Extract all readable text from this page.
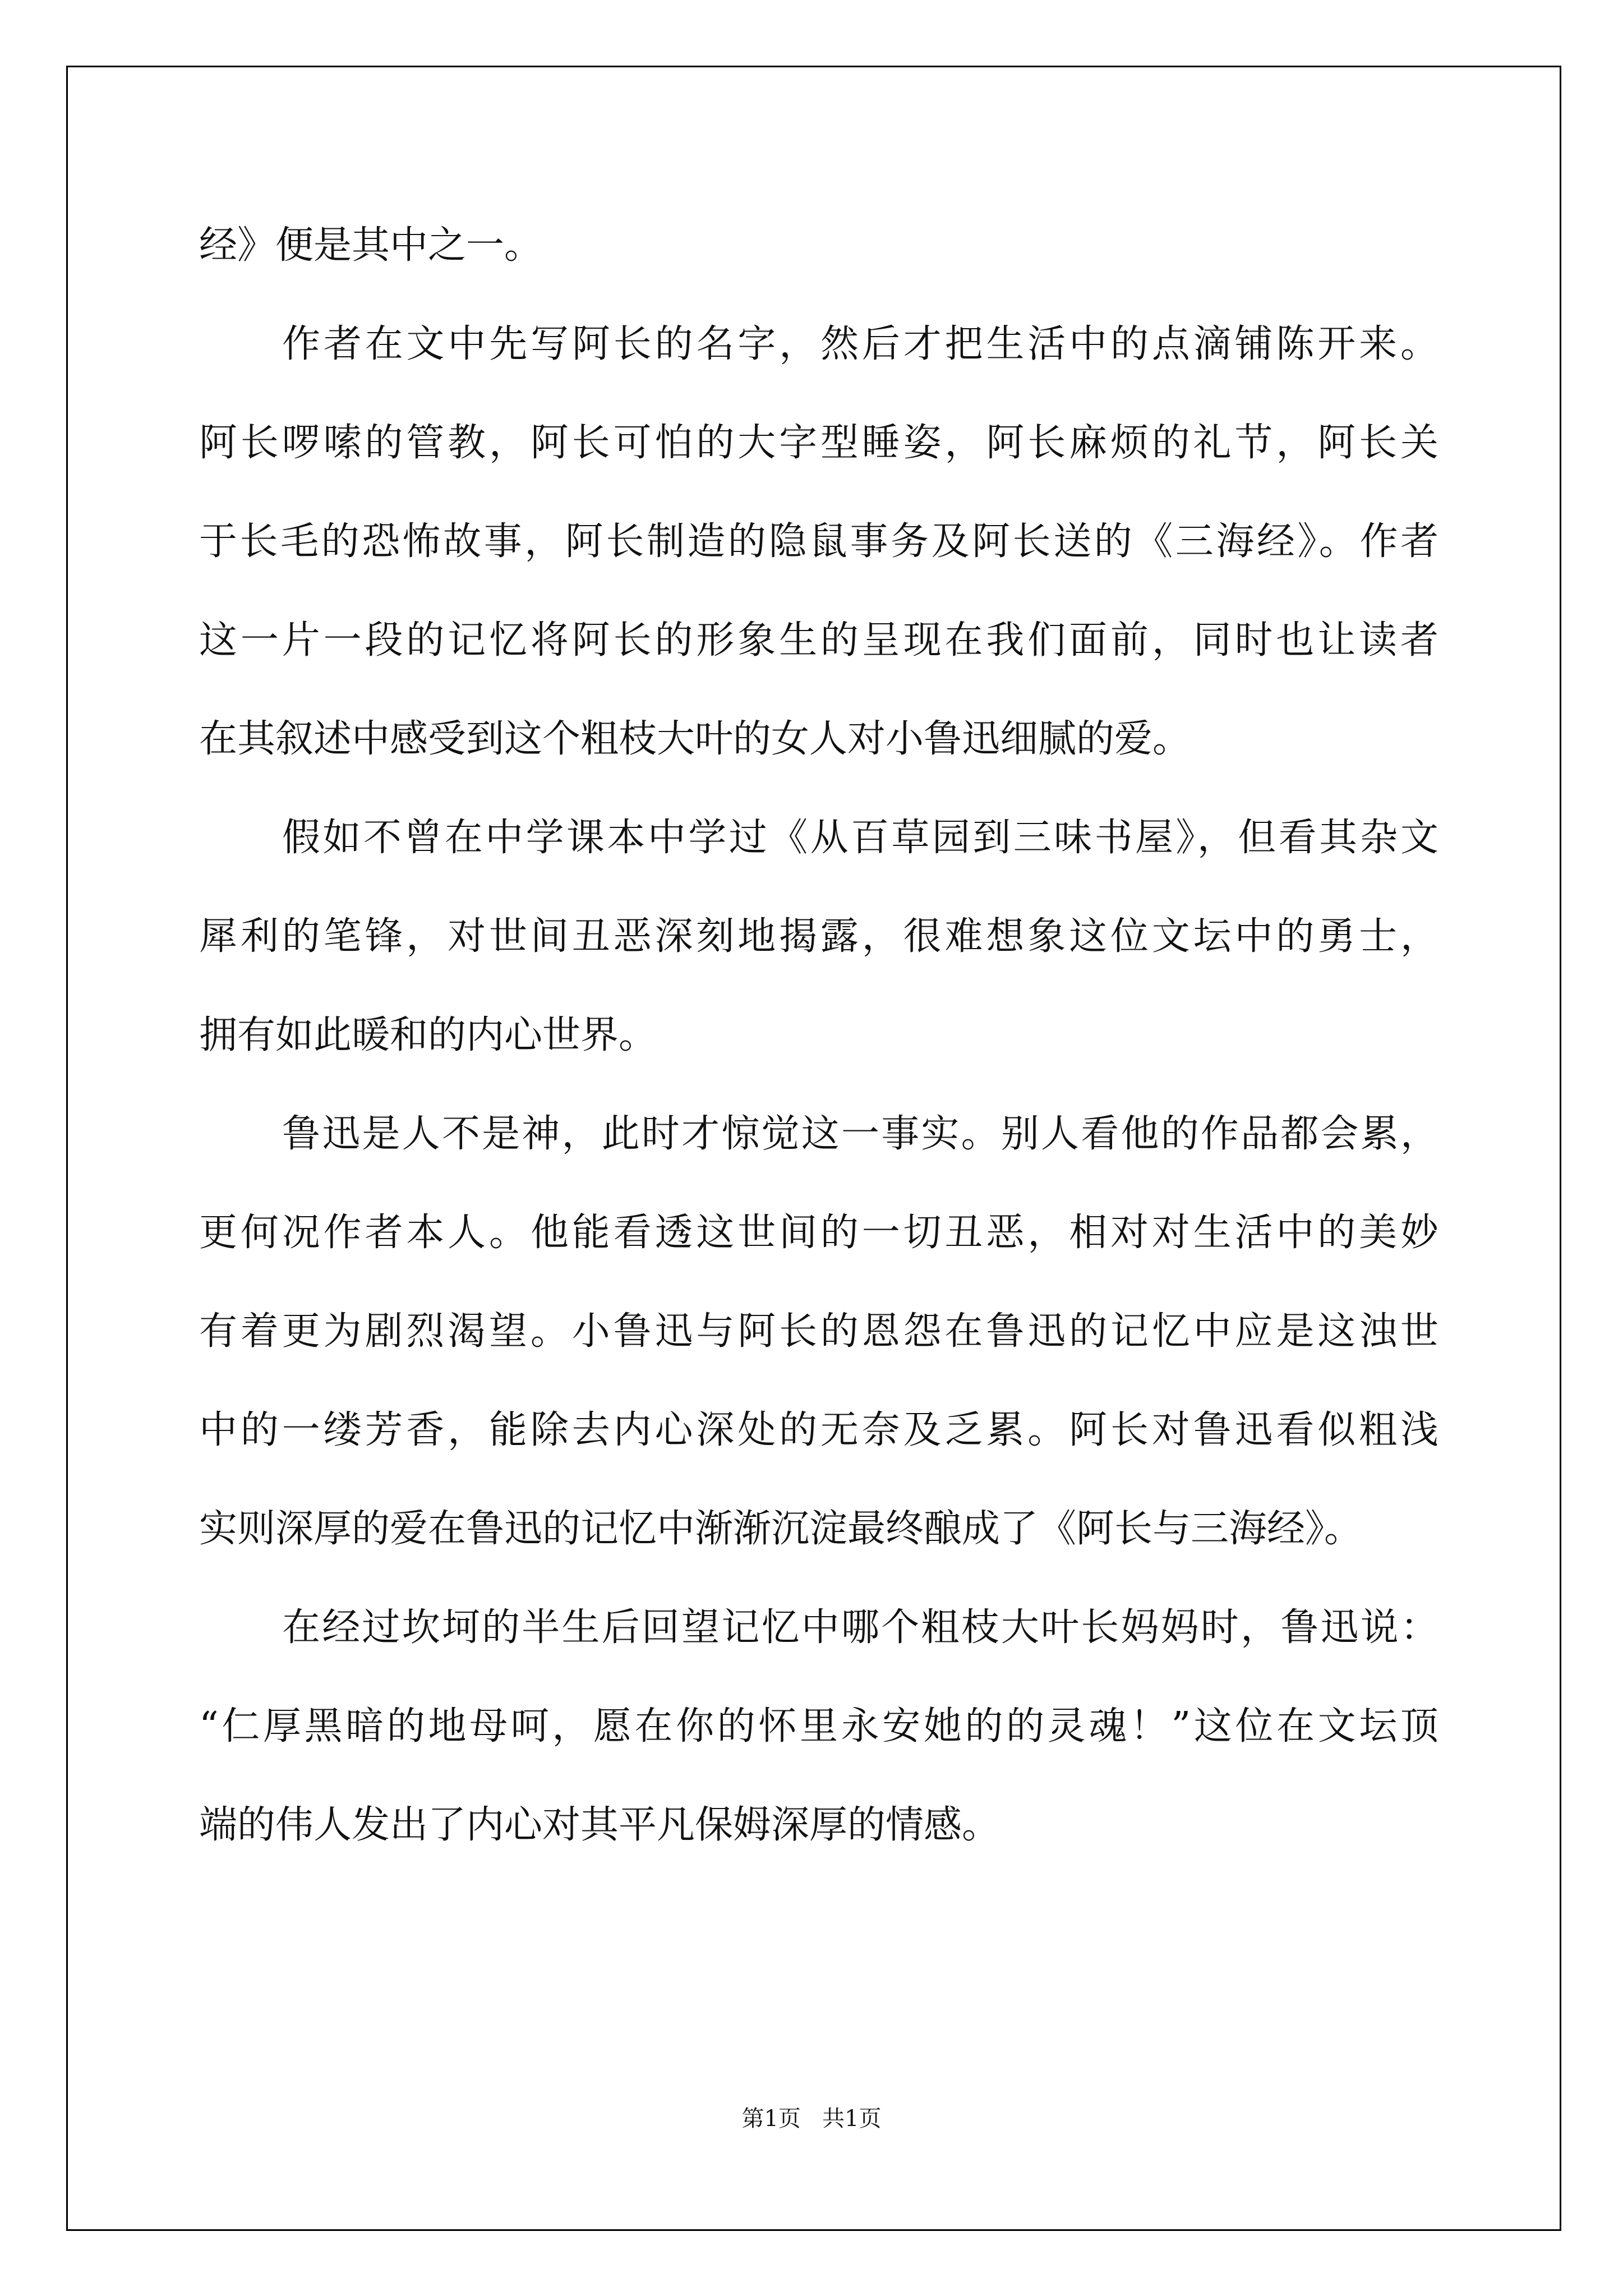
经》便是其中之一。
作者在文中先写阿长的名字，然后才把生活中的点滴铺陈开来。
阿长啰嗦的管教，阿长可怕的大字型睡姿，阿长麻烦的礼节，阿长关
于长毛的恐怖故事，阿长制造的隐鼠事务及阿长送的《三海经》。作者
这一片一段的记忆将阿长的形象生的呈现在我们面前，同时也让读者
在其叙述中感受到这个粗枝大叶的女人对小鲁迅细腻的爱。
假如不曾在中学课本中学过《从百草园到三味书屋》，但看其杂文
犀利的笔锋，对世间丑恶深刻地揭露，很难想象这位文坛中的勇士，
拥有如此暖和的内心世界。
鲁迅是人不是神，此时才惊觉这一事实。别人看他的作品都会累，
更何况作者本人。他能看透这世间的一切丑恶，相对对生活中的美妙
有着更为剧烈渴望。小鲁迅与阿长的恩怨在鲁迅的记忆中应是这浊世
中的一缕芳香，能除去内心深处的无奈及乏累。阿长对鲁迅看似粗浅
实则深厚的爱在鲁迅的记忆中渐渐沉淀最终酿成了《阿长与三海经》。
在经过坎坷的半生后回望记忆中哪个粗枝大叶长妈妈时，鲁迅说：
“仁厚黑暗的地母呵，愿在你的怀里永安她的的灵魂！”这位在文坛顶
端的伟人发出了内心对其平凡保姆深厚的情感。
第1页   共1页
